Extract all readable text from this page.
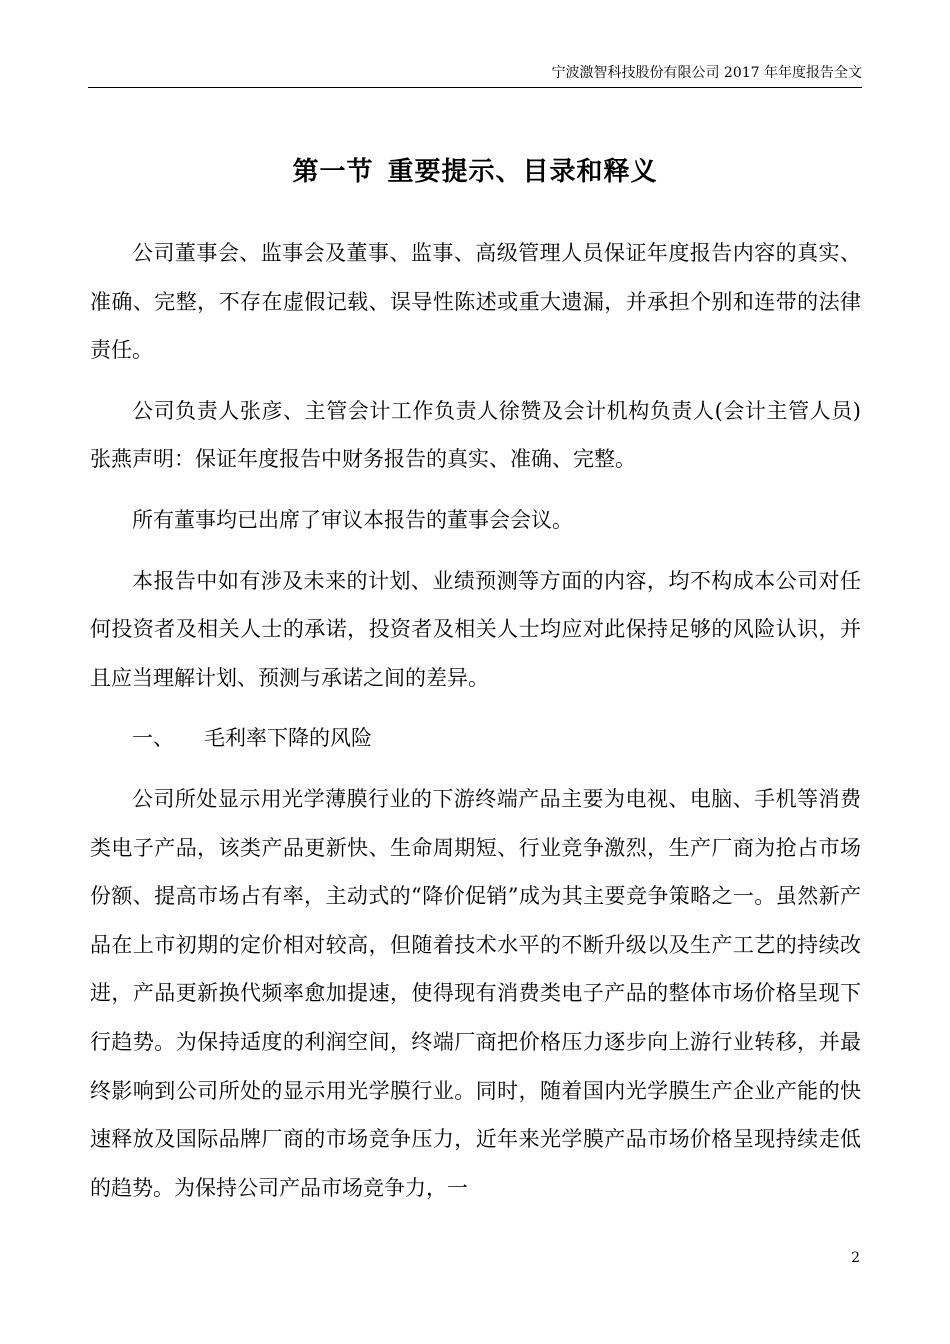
宁波激智科技股份有限公司 2017 年年度报告全文
第一节 重要提示、目录和释义

公司董事会、监事会及董事、监事、高级管理人员保证年度报告内容的真实、准确、完整，不存在虚假记载、误导性陈述或重大遗漏，并承担个别和连带的法律责任。

公司负责人张彦、主管会计工作负责人徐赞及会计机构负责人(会计主管人员)张燕声明：保证年度报告中财务报告的真实、准确、完整。

所有董事均已出席了审议本报告的董事会会议。

本报告中如有涉及未来的计划、业绩预测等方面的内容，均不构成本公司对任何投资者及相关人士的承诺，投资者及相关人士均应对此保持足够的风险认识，并且应当理解计划、预测与承诺之间的差异。

一、 毛利率下降的风险

公司所处显示用光学薄膜行业的下游终端产品主要为电视、电脑、手机等消费类电子产品，该类产品更新快、生命周期短、行业竞争激烈，生产厂商为抢占市场份额、提高市场占有率，主动式的“降价促销”成为其主要竞争策略之一。虽然新产品在上市初期的定价相对较高，但随着技术水平的不断升级以及生产工艺的持续改进，产品更新换代频率愈加提速，使得现有消费类电子产品的整体市场价格呈现下行趋势。为保持适度的利润空间，终端厂商把价格压力逐步向上游行业转移，并最终影响到公司所处的显示用光学膜行业。同时，随着国内光学膜生产企业产能的快速释放及国际品牌厂商的市场竞争压力，近年来光学膜产品市场价格呈现持续走低的趋势。为保持公司产品市场竞争力，一

2
